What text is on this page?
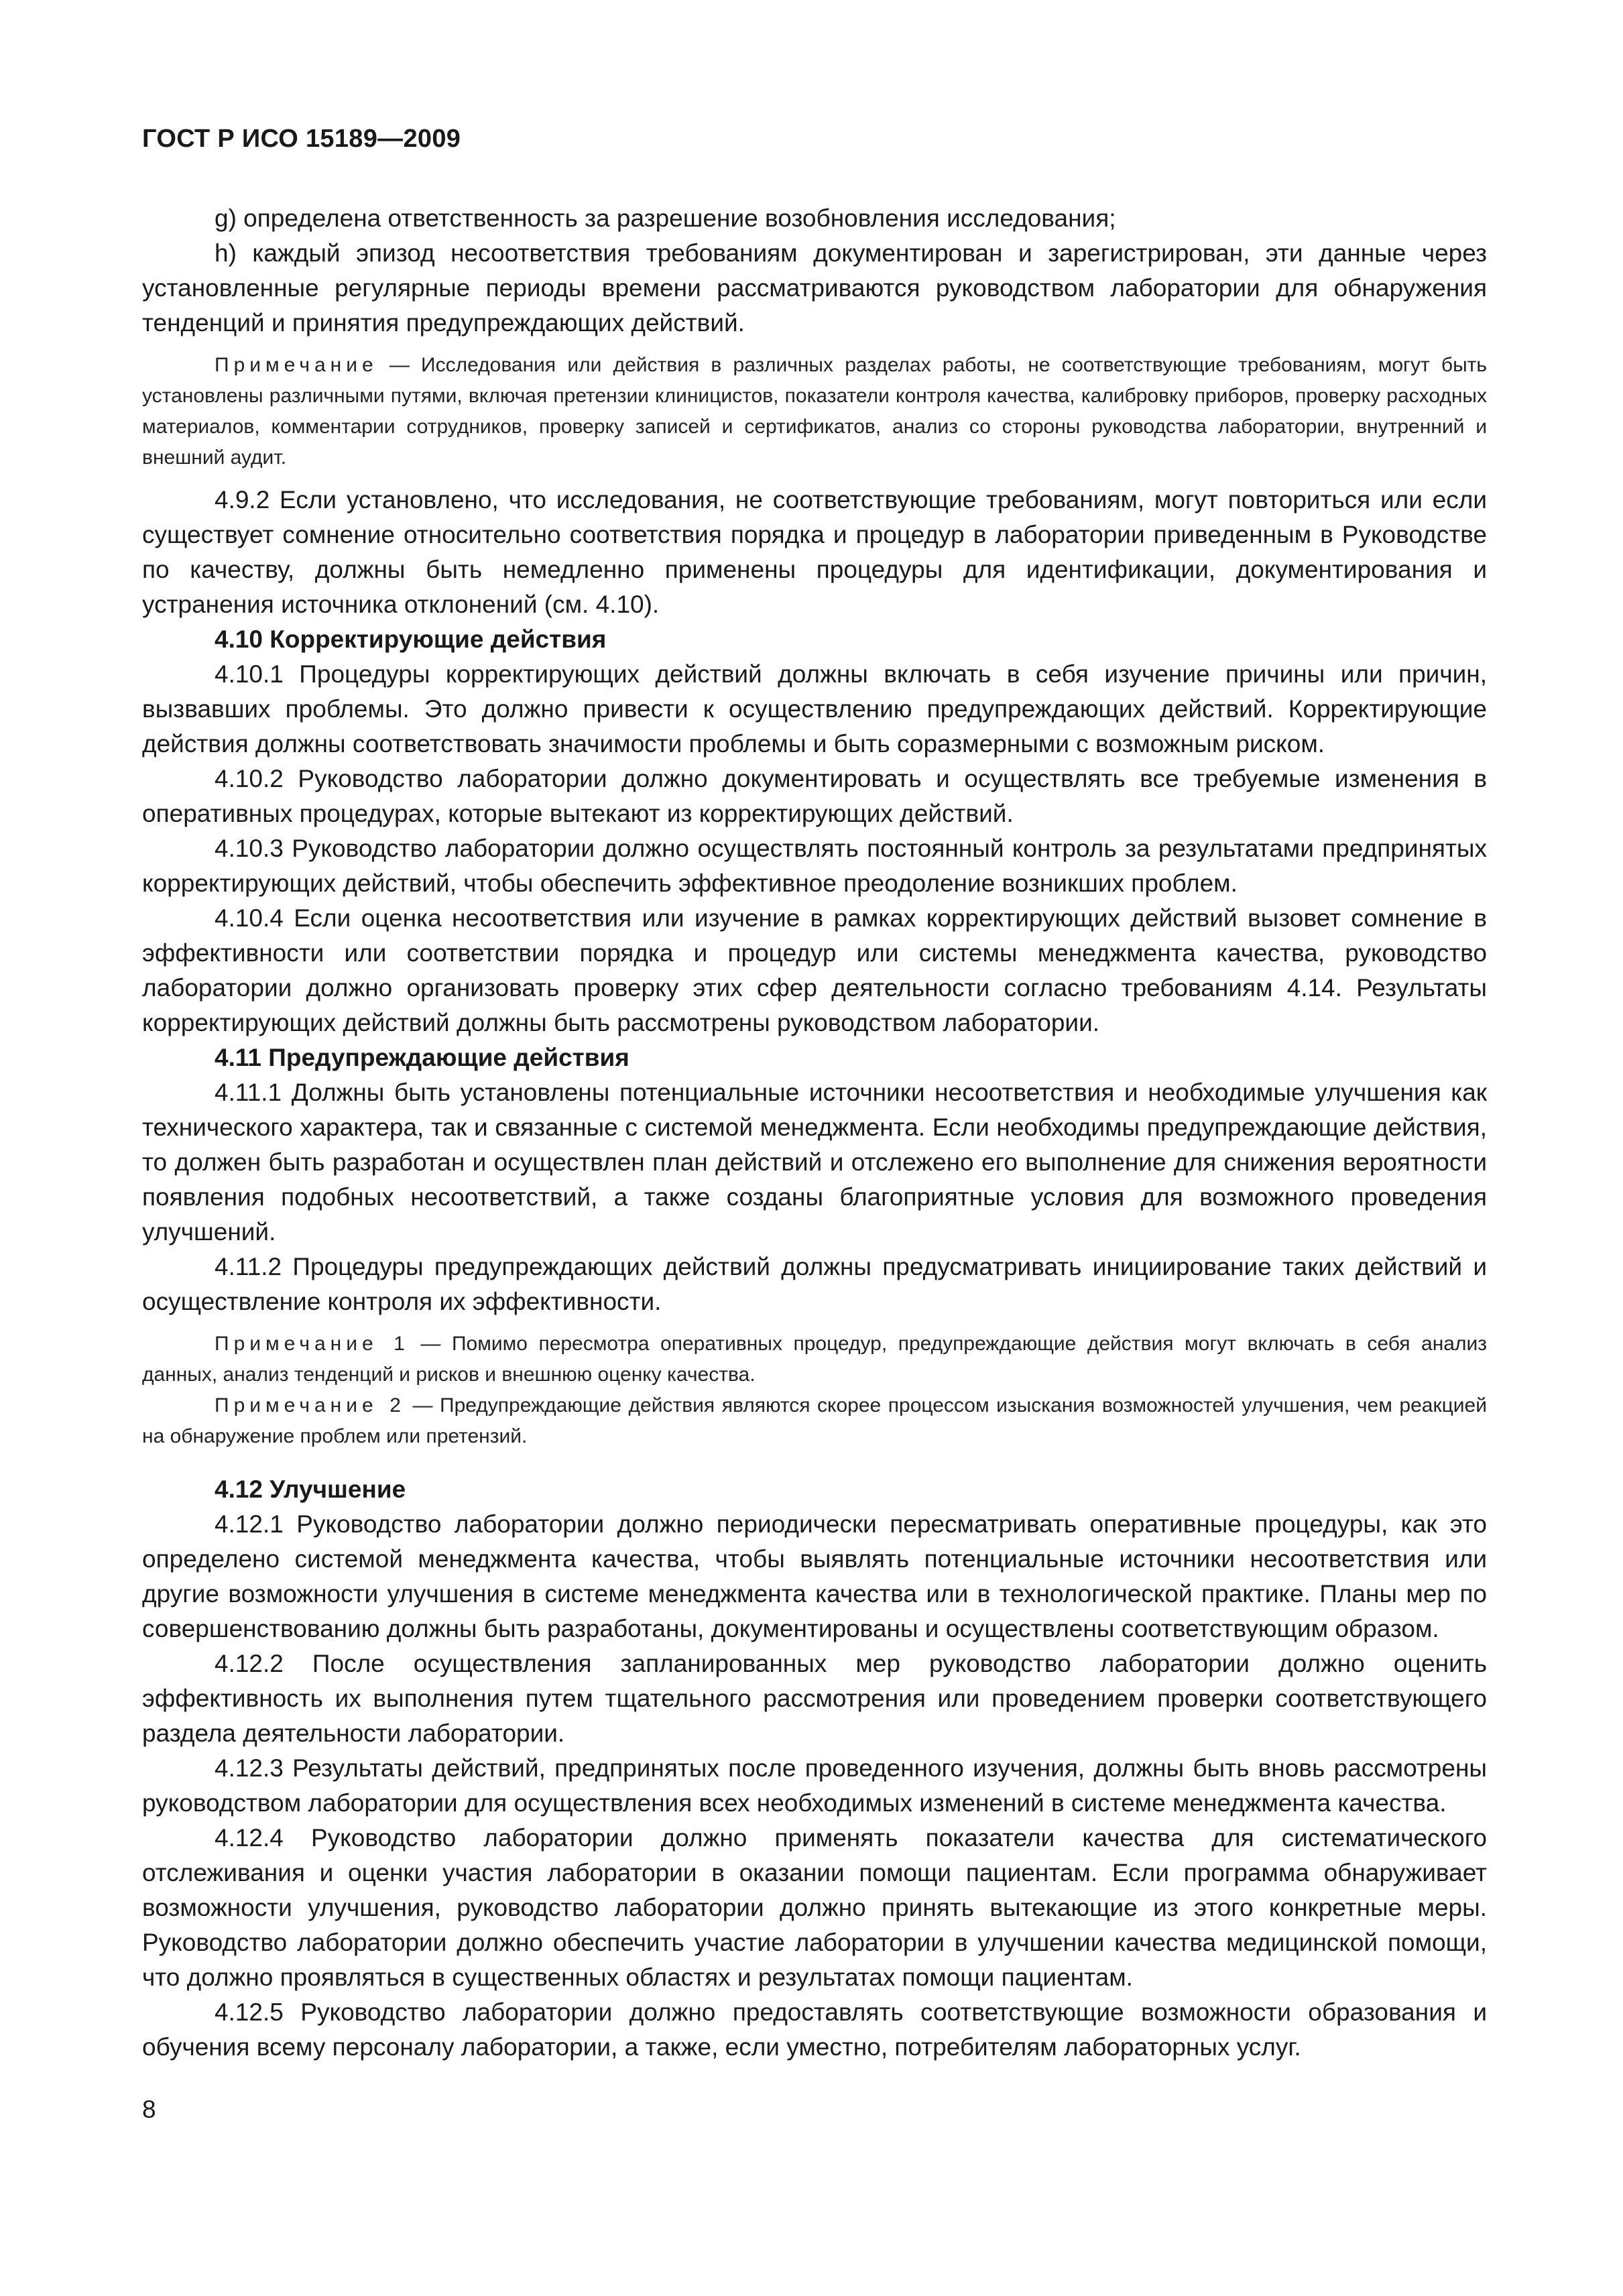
ГОСТ Р ИСО 15189—2009

g) определена ответственность за разрешение возобновления исследования;

h) каждый эпизод несоответствия требованиям документирован и зарегистрирован, эти данные через установленные регулярные периоды времени рассматриваются руководством лаборатории для обнаружения тенденций и принятия предупреждающих действий.

Примечание — Исследования или действия в различных разделах работы, не соответствующие требованиям, могут быть установлены различными путями, включая претензии клиницистов, показатели контроля качества, калибровку приборов, проверку расходных материалов, комментарии сотрудников, проверку записей и сертификатов, анализ со стороны руководства лаборатории, внутренний и внешний аудит.

4.9.2 Если установлено, что исследования, не соответствующие требованиям, могут повториться или если существует сомнение относительно соответствия порядка и процедур в лаборатории приведенным в Руководстве по качеству, должны быть немедленно применены процедуры для идентификации, документирования и устранения источника отклонений (см. 4.10).

4.10 Корректирующие действия

4.10.1 Процедуры корректирующих действий должны включать в себя изучение причины или причин, вызвавших проблемы. Это должно привести к осуществлению предупреждающих действий. Корректирующие действия должны соответствовать значимости проблемы и быть соразмерными с возможным риском.

4.10.2 Руководство лаборатории должно документировать и осуществлять все требуемые изменения в оперативных процедурах, которые вытекают из корректирующих действий.

4.10.3 Руководство лаборатории должно осуществлять постоянный контроль за результатами предпринятых корректирующих действий, чтобы обеспечить эффективное преодоление возникших проблем.

4.10.4 Если оценка несоответствия или изучение в рамках корректирующих действий вызовет сомнение в эффективности или соответствии порядка и процедур или системы менеджмента качества, руководство лаборатории должно организовать проверку этих сфер деятельности согласно требованиям 4.14. Результаты корректирующих действий должны быть рассмотрены руководством лаборатории.

4.11 Предупреждающие действия

4.11.1 Должны быть установлены потенциальные источники несоответствия и необходимые улучшения как технического характера, так и связанные с системой менеджмента. Если необходимы предупреждающие действия, то должен быть разработан и осуществлен план действий и отслежено его выполнение для снижения вероятности появления подобных несоответствий, а также созданы благоприятные условия для возможного проведения улучшений.

4.11.2 Процедуры предупреждающих действий должны предусматривать инициирование таких действий и осуществление контроля их эффективности.

Примечание 1 — Помимо пересмотра оперативных процедур, предупреждающие действия могут включать в себя анализ данных, анализ тенденций и рисков и внешнюю оценку качества.

Примечание 2 — Предупреждающие действия являются скорее процессом изыскания возможностей улучшения, чем реакцией на обнаружение проблем или претензий.

4.12 Улучшение

4.12.1 Руководство лаборатории должно периодически пересматривать оперативные процедуры, как это определено системой менеджмента качества, чтобы выявлять потенциальные источники несоответствия или другие возможности улучшения в системе менеджмента качества или в технологической практике. Планы мер по совершенствованию должны быть разработаны, документированы и осуществлены соответствующим образом.

4.12.2 После осуществления запланированных мер руководство лаборатории должно оценить эффективность их выполнения путем тщательного рассмотрения или проведением проверки соответствующего раздела деятельности лаборатории.

4.12.3 Результаты действий, предпринятых после проведенного изучения, должны быть вновь рассмотрены руководством лаборатории для осуществления всех необходимых изменений в системе менеджмента качества.

4.12.4 Руководство лаборатории должно применять показатели качества для систематического отслеживания и оценки участия лаборатории в оказании помощи пациентам. Если программа обнаруживает возможности улучшения, руководство лаборатории должно принять вытекающие из этого конкретные меры. Руководство лаборатории должно обеспечить участие лаборатории в улучшении качества медицинской помощи, что должно проявляться в существенных областях и результатах помощи пациентам.

4.12.5 Руководство лаборатории должно предоставлять соответствующие возможности образования и обучения всему персоналу лаборатории, а также, если уместно, потребителям лабораторных услуг.

8
